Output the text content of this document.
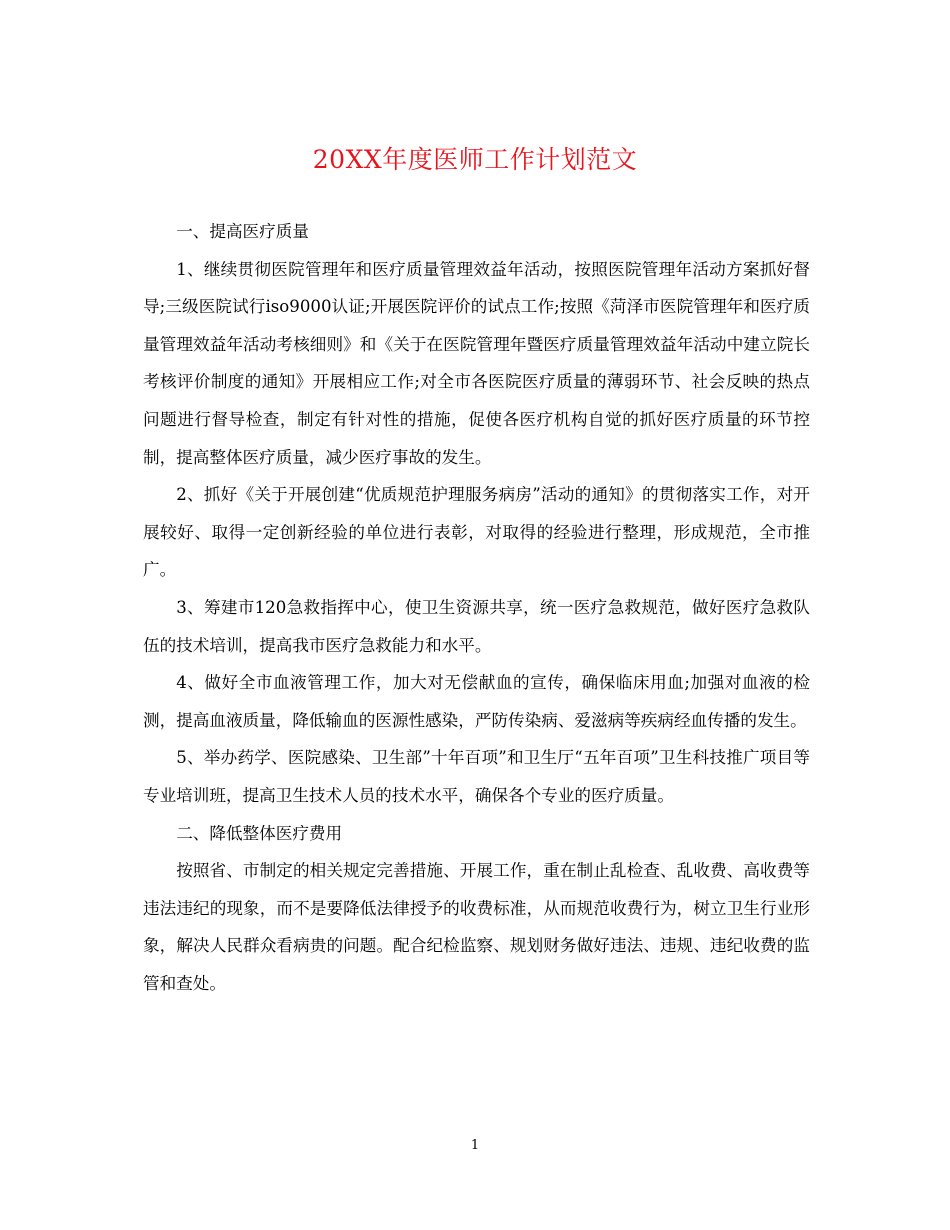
20XX年度医师工作计划范文

一、提高医疗质量

1、继续贯彻医院管理年和医疗质量管理效益年活动，按照医院管理年活动方案抓好督导;三级医院试行iso9000认证;开展医院评价的试点工作;按照《菏泽市医院管理年和医疗质量管理效益年活动考核细则》和《关于在医院管理年暨医疗质量管理效益年活动中建立院长考核评价制度的通知》开展相应工作;对全市各医院医疗质量的薄弱环节、社会反映的热点问题进行督导检查，制定有针对性的措施，促使各医疗机构自觉的抓好医疗质量的环节控制，提高整体医疗质量，减少医疗事故的发生。

2、抓好《关于开展创建“优质规范护理服务病房”活动的通知》的贯彻落实工作，对开展较好、取得一定创新经验的单位进行表彰，对取得的经验进行整理，形成规范，全市推广。

3、筹建市120急救指挥中心，使卫生资源共享，统一医疗急救规范，做好医疗急救队伍的技术培训，提高我市医疗急救能力和水平。

4、做好全市血液管理工作，加大对无偿献血的宣传，确保临床用血;加强对血液的检测，提高血液质量，降低输血的医源性感染，严防传染病、爱滋病等疾病经血传播的发生。

5、举办药学、医院感染、卫生部”十年百项”和卫生厅“五年百项”卫生科技推广项目等专业培训班，提高卫生技术人员的技术水平，确保各个专业的医疗质量。

二、降低整体医疗费用

按照省、市制定的相关规定完善措施、开展工作，重在制止乱检查、乱收费、高收费等违法违纪的现象，而不是要降低法律授予的收费标准，从而规范收费行为，树立卫生行业形象，解决人民群众看病贵的问题。配合纪检监察、规划财务做好违法、违规、违纪收费的监管和查处。

1
